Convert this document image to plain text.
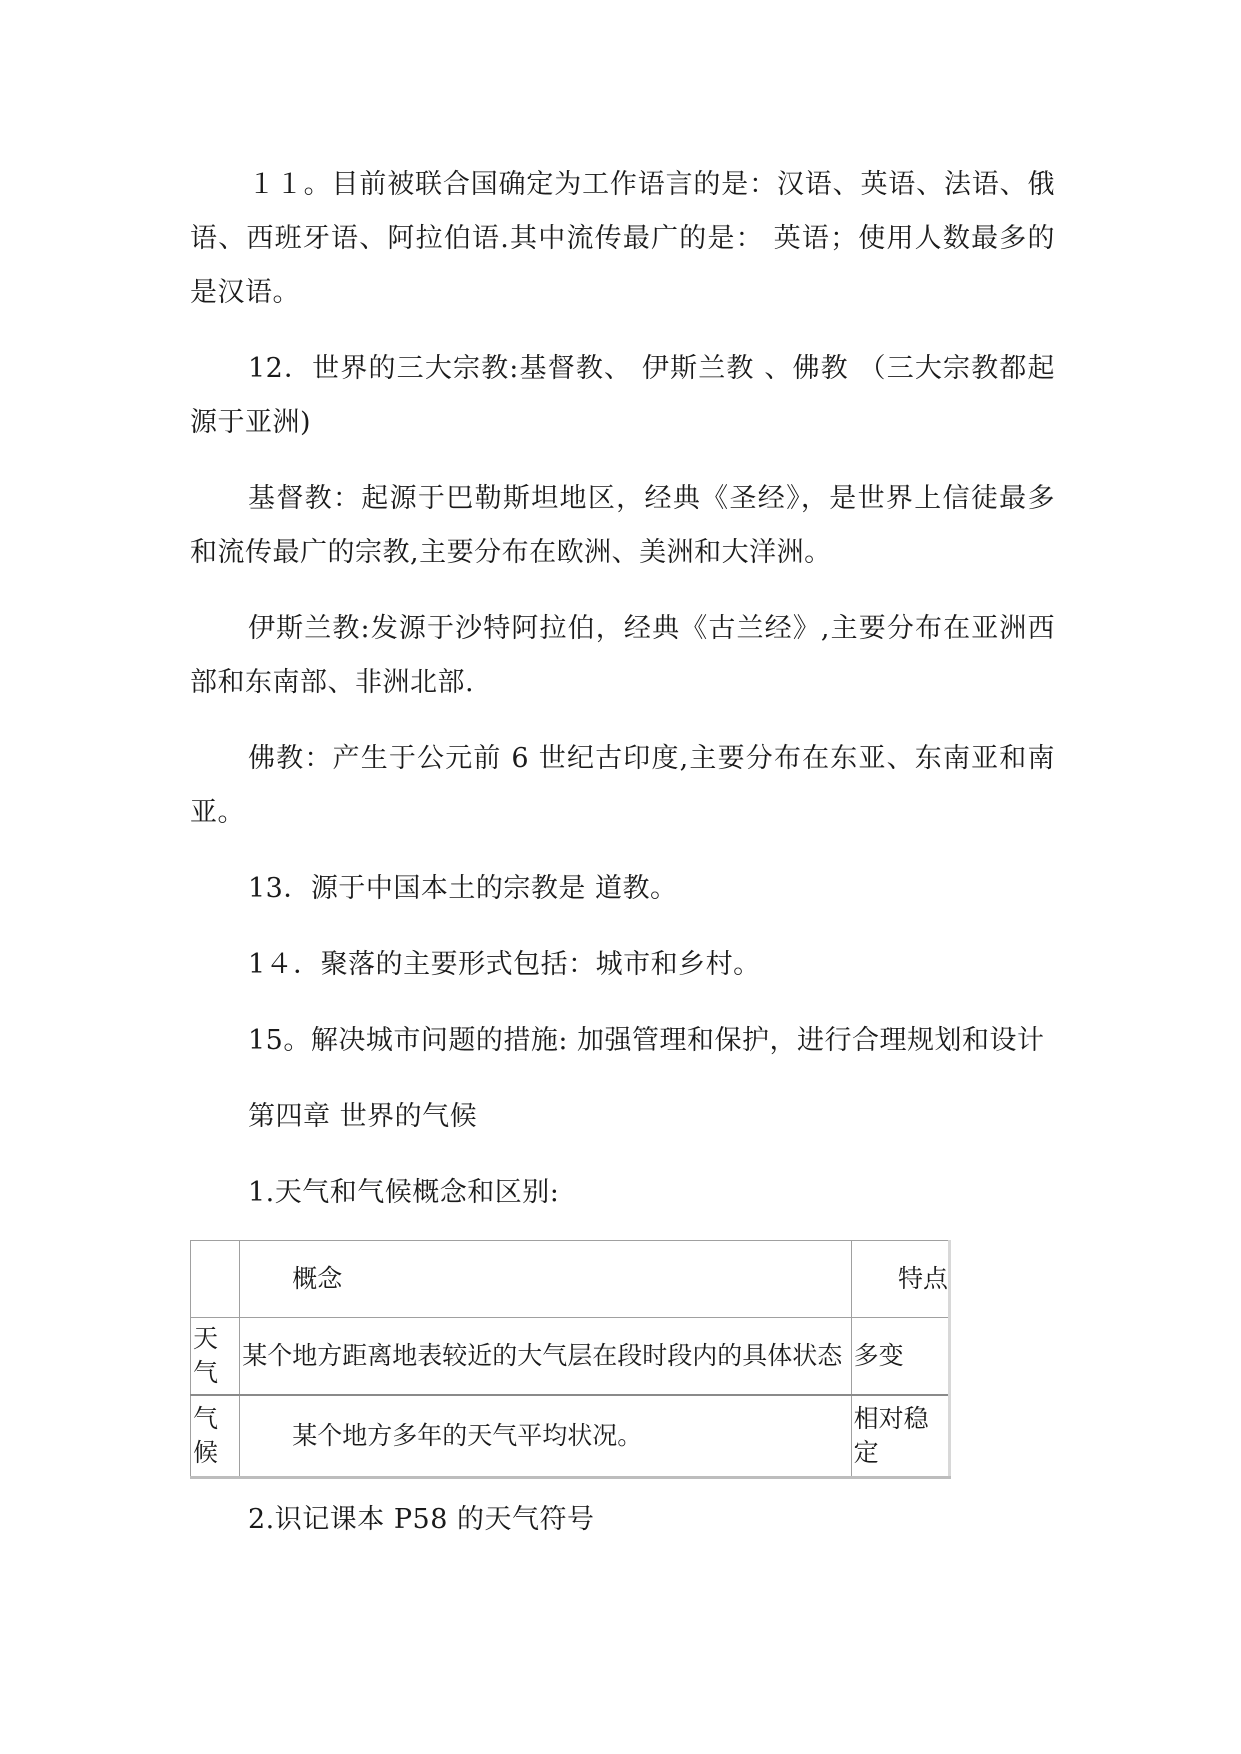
１１。目前被联合国确定为工作语言的是：汉语、英语、法语、俄语、西班牙语、阿拉伯语.其中流传最广的是： 英语；使用人数最多的是汉语。

12．世界的三大宗教:基督教、 伊斯兰教 、佛教 （三大宗教都起源于亚洲)

基督教：起源于巴勒斯坦地区，经典《圣经》，是世界上信徒最多和流传最广的宗教,主要分布在欧洲、美洲和大洋洲。

伊斯兰教:发源于沙特阿拉伯，经典《古兰经》,主要分布在亚洲西部和东南部、非洲北部.

佛教：产生于公元前 6 世纪古印度,主要分布在东亚、东南亚和南亚。

13．源于中国本土的宗教是 道教。

1４．聚落的主要形式包括：城市和乡村。

15。解决城市问题的措施: 加强管理和保护，进行合理规划和设计

第四章 世界的气候

1.天气和气候概念和区别:

	概念	特点
天气	某个地方距离地表较近的大气层在段时段内的具体状态	多变
气候	某个地方多年的天气平均状况。	相对稳定

2.识记课本 P58 的天气符号
